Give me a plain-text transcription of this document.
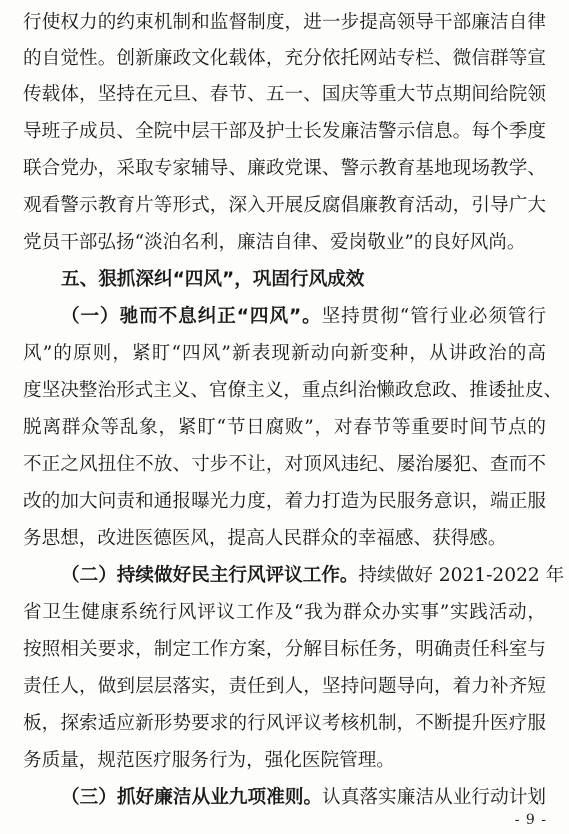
行使权力的约束机制和监督制度，进一步提高领导干部廉洁自律
的自觉性。创新廉政文化载体，充分依托网站专栏、微信群等宣
传载体，坚持在元旦、春节、五一、国庆等重大节点期间给院领
导班子成员、全院中层干部及护士长发廉洁警示信息。每个季度
联合党办，采取专家辅导、廉政党课、警示教育基地现场教学、
观看警示教育片等形式，深入开展反腐倡廉教育活动，引导广大
党员干部弘扬“淡泊名利，廉洁自律、爱岗敬业”的良好风尚。
五、狠抓深纠“四风”，巩固行风成效
（一）驰而不息纠正“四风”。坚持贯彻“管行业必须管行
风”的原则，紧盯“四风”新表现新动向新变种，从讲政治的高
度坚决整治形式主义、官僚主义，重点纠治懒政怠政、推诿扯皮、
脱离群众等乱象，紧盯“节日腐败”，对春节等重要时间节点的
不正之风扭住不放、寸步不让，对顶风违纪、屡治屡犯、查而不
改的加大问责和通报曝光力度，着力打造为民服务意识，端正服
务思想，改进医德医风，提高人民群众的幸福感、获得感。
（二）持续做好民主行风评议工作。持续做好 2021-2022 年
省卫生健康系统行风评议工作及“我为群众办实事”实践活动，
按照相关要求，制定工作方案，分解目标任务，明确责任科室与
责任人，做到层层落实，责任到人，坚持问题导向，着力补齐短
板，探索适应新形势要求的行风评议考核机制，不断提升医疗服
务质量，规范医疗服务行为，强化医院管理。
（三）抓好廉洁从业九项准则。认真落实廉洁从业行动计划
- 9 -
